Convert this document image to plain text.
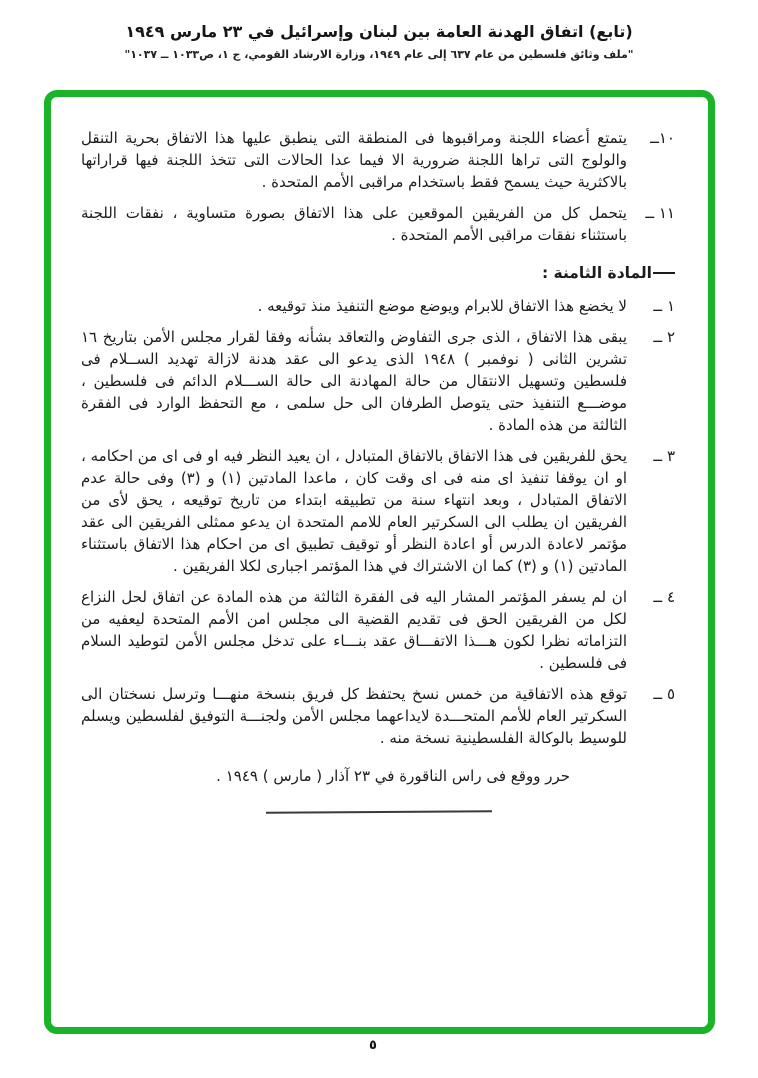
(تابع) اتفاق الهدنة العامة بين لبنان وإسرائيل في ٢٣ مارس ١٩٤٩

"ملف وثائق فلسطين من عام ٦٣٧ إلى عام ١٩٤٩، وزارة الارشاد القومي، ج ١، ص١٠٣٣ ــ ١٠٣٧"

١٠ــ
يتمتع أعضاء اللجنة ومراقبوها فى المنطقة التى ينطبق عليها هذا الاتفاق بحرية التنقل والولوج التى تراها اللجنة ضرورية الا فيما عدا الحالات التى تتخذ اللجنة فيها قراراتها بالاكثرية حيث يسمح فقط باستخدام مراقبى الأمم المتحدة .
١١ ــ
يتحمل كل من الفريقين الموقعين على هذا الاتفاق بصورة متساوية ، نفقات اللجنة باستثناء نفقات مراقبى الأمم المتحدة .
المادة الثامنة :
١ ــ
لا يخضع هذا الاتفاق للابرام ويوضع موضع التنفيذ منذ توقيعه .
٢ ــ
يبقى هذا الاتفاق ، الذى جرى التفاوض والتعاقد بشأنه وفقا لقرار مجلس الأمن بتاريخ ١٦ تشرين الثانى ( نوفمبر ) ١٩٤٨ الذى يدعو الى عقد هدنة لازالة تهديد الســلام فى فلسطين وتسهيل الانتقال من حالة المهادنة الى حالة الســـلام الدائم فى فلسطين ، موضـــع التنفيذ حتى يتوصل الطرفان الى حل سلمى ، مع التحفظ الوارد فى الفقرة الثالثة من هذه المادة .
٣ ــ
يحق للفريقين فى هذا الاتفاق بالاتفاق المتبادل ، ان يعيد النظر فيه او فى اى من احكامه ، او ان يوقفا تنفيذ اى منه فى اى وقت كان ، ماعدا المادتين (١) و (٣) وفى حالة عدم الاتفاق المتبادل ، وبعد انتهاء سنة من تطبيقه ابتداء من تاريخ توقيعه ، يحق لأى من الفريقين ان يطلب الى السكرتير العام للامم المتحدة ان يدعو ممثلى الفريقين الى عقد مؤتمر لاعادة الدرس أو اعادة النظر أو توقيف تطبيق اى من احكام هذا الاتفاق باستثناء المادتين (١) و (٣) كما ان الاشتراك في هذا المؤتمر اجبارى لكلا الفريقين .
٤ ــ
ان لم يسفر المؤتمر المشار اليه فى الفقرة الثالثة من هذه المادة عن اتفاق لحل النزاع لكل من الفريقين الحق فى تقديم القضية الى مجلس امن الأمم المتحدة ليعفيه من التزاماته نظرا لكون هـــذا الاتفـــاق عقد بنـــاء على تدخل مجلس الأمن لتوطيد السلام فى فلسطين .
٥ ــ
توقع هذه الاتفاقية من خمس نسخ يحتفظ كل فريق بنسخة منهـــا وترسل نسختان الى السكرتير العام للأمم المتحـــدة لايداعهما مجلس الأمن ولجنـــة التوفيق لفلسطين ويسلم للوسيط بالوكالة الفلسطينية نسخة منه .

حرر ووقع فى راس الناقورة في ٢٣ آذار ( مارس ) ١٩٤٩ .

٥
